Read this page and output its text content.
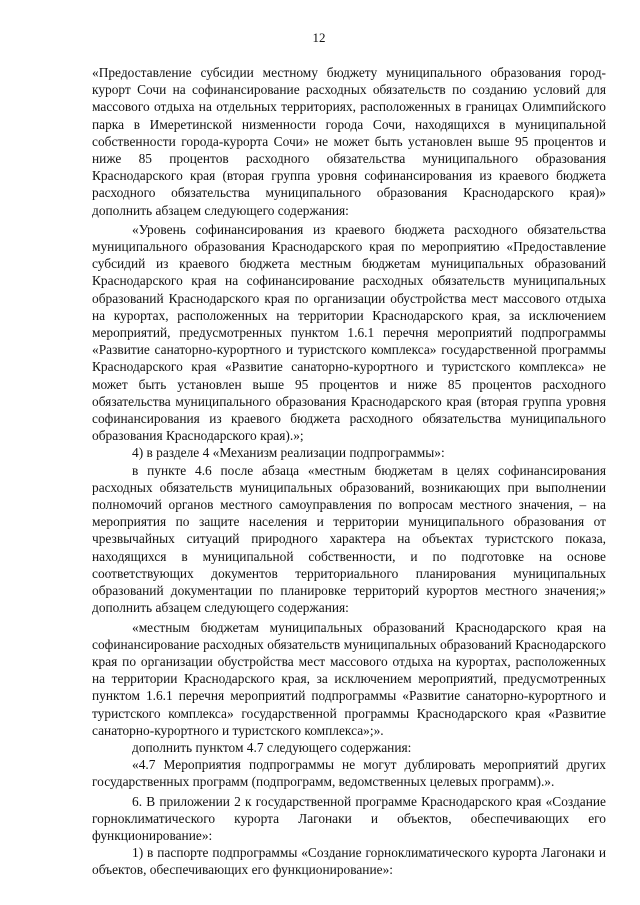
12

«Предоставление субсидии местному бюджету муниципального образования город-курорт Сочи на софинансирование расходных обязательств по созданию условий для массового отдыха на отдельных территориях, расположенных в границах Олимпийского парка в Имеретинской низменности города Сочи, находящихся в муниципальной собственности города-курорта Сочи» не может быть установлен выше 95 процентов и ниже 85 процентов расходного обязательства муниципального образования Краснодарского края (вторая группа уровня софинансирования из краевого бюджета расходного обязательства муниципального образования Краснодарского края)» дополнить абзацем следующего содержания:

«Уровень софинансирования из краевого бюджета расходного обязательства муниципального образования Краснодарского края по мероприятию «Предоставление субсидий из краевого бюджета местным бюджетам муниципальных образований Краснодарского края на софинансирование расходных обязательств муниципальных образований Краснодарского края по организации обустройства мест массового отдыха на курортах, расположенных на территории Краснодарского края, за исключением мероприятий, предусмотренных пунктом 1.6.1 перечня мероприятий подпрограммы «Развитие санаторно-курортного и туристского комплекса» государственной программы Краснодарского края «Развитие санаторно-курортного и туристского комплекса» не может быть установлен выше 95 процентов и ниже 85 процентов расходного обязательства муниципального образования Краснодарского края (вторая группа уровня софинансирования из краевого бюджета расходного обязательства муниципального образования Краснодарского края).»;

4) в разделе 4 «Механизм реализации подпрограммы»:

в пункте 4.6 после абзаца «местным бюджетам в целях софинансирования расходных обязательств муниципальных образований, возникающих при выполнении полномочий органов местного самоуправления по вопросам местного значения, – на мероприятия по защите населения и территории муниципального образования от чрезвычайных ситуаций природного характера на объектах туристского показа, находящихся в муниципальной собственности, и по подготовке на основе соответствующих документов территориального планирования муниципальных образований документации по планировке территорий курортов местного значения;» дополнить абзацем следующего содержания:

«местным бюджетам муниципальных образований Краснодарского края на софинансирование расходных обязательств муниципальных образований Краснодарского края по организации обустройства мест массового отдыха на курортах, расположенных на территории Краснодарского края, за исключением мероприятий, предусмотренных пунктом 1.6.1 перечня мероприятий подпрограммы «Развитие санаторно-курортного и туристского комплекса» государственной программы Краснодарского края «Развитие санаторно-курортного и туристского комплекса»;».

дополнить пунктом 4.7 следующего содержания:

«4.7 Мероприятия подпрограммы не могут дублировать мероприятий других государственных программ (подпрограмм, ведомственных целевых программ).».

6. В приложении 2 к государственной программе Краснодарского края «Создание горноклиматического курорта Лагонаки и объектов, обеспечивающих его функционирование»:

1) в паспорте подпрограммы «Создание горноклиматического курорта Лагонаки и объектов, обеспечивающих его функционирование»:
